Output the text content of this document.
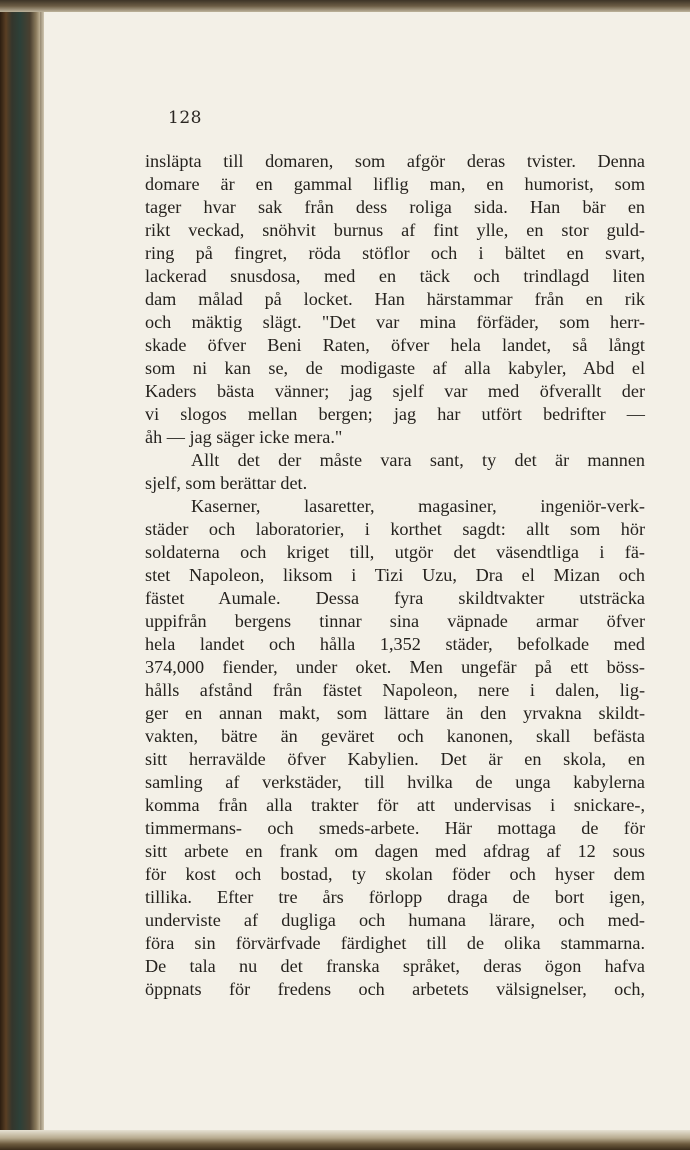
128
insläpta till domaren, som afgör deras tvister. Denna
domare är en gammal liflig man, en humorist, som
tager hvar sak från dess roliga sida. Han bär en
rikt veckad, snöhvit burnus af fint ylle, en stor guld-
ring på fingret, röda stöflor och i bältet en svart,
lackerad snusdosa, med en täck och trindlagd liten
dam målad på locket. Han härstammar från en rik
och mäktig slägt. "Det var mina förfäder, som herr-
skade öfver Beni Raten, öfver hela landet, så långt
som ni kan se, de modigaste af alla kabyler, Abd el
Kaders bästa vänner; jag sjelf var med öfverallt der
vi slogos mellan bergen; jag har utfört bedrifter —
åh — jag säger icke mera."
Allt det der måste vara sant, ty det är mannen
sjelf, som berättar det.
Kaserner, lasaretter, magasiner, ingeniör-verk-
städer och laboratorier, i korthet sagdt: allt som hör
soldaterna och kriget till, utgör det väsendtliga i fä-
stet Napoleon, liksom i Tizi Uzu, Dra el Mizan och
fästet Aumale. Dessa fyra skildtvakter utsträcka
uppifrån bergens tinnar sina väpnade armar öfver
hela landet och hålla 1,352 städer, befolkade med
374,000 fiender, under oket. Men ungefär på ett böss-
hålls afstånd från fästet Napoleon, nere i dalen, lig-
ger en annan makt, som lättare än den yrvakna skildt-
vakten, bätre än geväret och kanonen, skall befästa
sitt herravälde öfver Kabylien. Det är en skola, en
samling af verkstäder, till hvilka de unga kabylerna
komma från alla trakter för att undervisas i snickare-,
timmermans- och smeds-arbete. Här mottaga de för
sitt arbete en frank om dagen med afdrag af 12 sous
för kost och bostad, ty skolan föder och hyser dem
tillika. Efter tre års förlopp draga de bort igen,
underviste af dugliga och humana lärare, och med-
föra sin förvärfvade färdighet till de olika stammarna.
De tala nu det franska språket, deras ögon hafva
öppnats för fredens och arbetets välsignelser, och,
